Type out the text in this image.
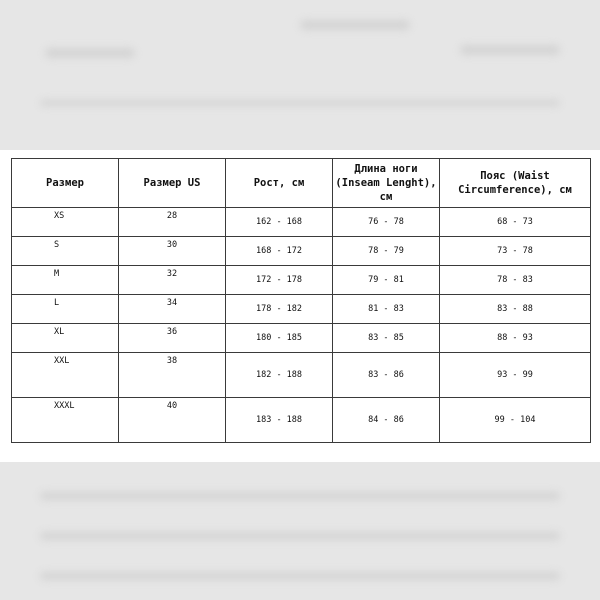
Размер	Размер US	Рост, см	Длина ноги (Inseam Lenght), см	Пояс (Waist Circumference), см

XS	28	162 - 168	76 - 78	68 - 73

S	30	168 - 172	78 - 79	73 - 78

M	32	172 - 178	79 - 81	78 - 83

L	34	178 - 182	81 - 83	83 - 88

XL	36	180 - 185	83 - 85	88 - 93

XXL	38	182 - 188	83 - 86	93 - 99

XXXL	40	183 - 188	84 - 86	99 - 104
